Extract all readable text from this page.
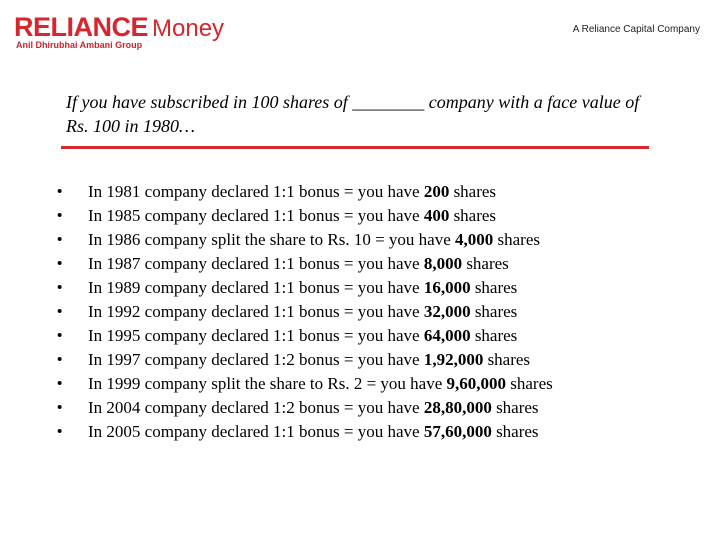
RELIANCE Money
Anil Dhirubhai Ambani Group
A Reliance Capital Company
If you have subscribed in 100 shares of ________ company with a face value of Rs. 100 in 1980…
• In 1981 company declared 1:1 bonus = you have 200 shares
• In 1985 company declared 1:1 bonus = you have 400 shares
• In 1986 company split the share to Rs. 10 = you have 4,000 shares
• In 1987 company declared 1:1 bonus = you have 8,000 shares
• In 1989 company declared 1:1 bonus = you have 16,000 shares
• In 1992 company declared 1:1 bonus = you have 32,000 shares
• In 1995 company declared 1:1 bonus = you have 64,000 shares
• In 1997 company declared 1:2 bonus = you have 1,92,000 shares
• In 1999 company split the share to Rs. 2 = you have 9,60,000 shares
• In 2004 company declared 1:2 bonus = you have 28,80,000 shares
• In 2005 company declared 1:1 bonus = you have 57,60,000 shares
